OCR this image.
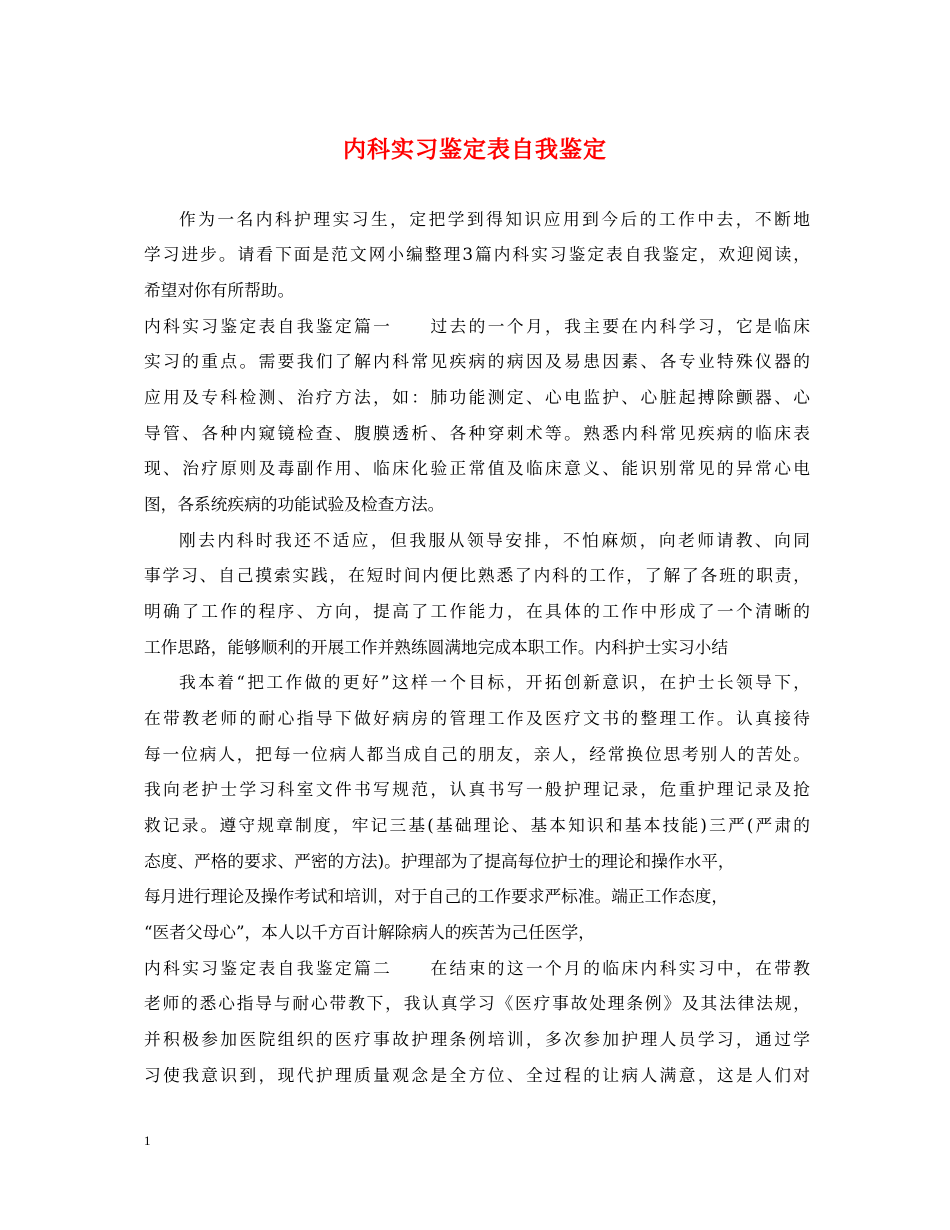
内科实习鉴定表自我鉴定
作为一名内科护理实习生，定把学到得知识应用到今后的工作中去，不断地
学习进步。请看下面是范文网小编整理3篇内科实习鉴定表自我鉴定，欢迎阅读，
希望对你有所帮助。
内科实习鉴定表自我鉴定篇一　　过去的一个月，我主要在内科学习，它是临床
实习的重点。需要我们了解内科常见疾病的病因及易患因素、各专业特殊仪器的
应用及专科检测、治疗方法，如：肺功能测定、心电监护、心脏起搏除颤器、心
导管、各种内窥镜检查、腹膜透析、各种穿刺术等。熟悉内科常见疾病的临床表
现、治疗原则及毒副作用、临床化验正常值及临床意义、能识别常见的异常心电
图，各系统疾病的功能试验及检查方法。
刚去内科时我还不适应，但我服从领导安排，不怕麻烦，向老师请教、向同
事学习、自己摸索实践，在短时间内便比熟悉了内科的工作，了解了各班的职责，
明确了工作的程序、方向，提高了工作能力，在具体的工作中形成了一个清晰的
工作思路，能够顺利的开展工作并熟练圆满地完成本职工作。内科护士实习小结
我本着“把工作做的更好”这样一个目标，开拓创新意识，在护士长领导下，
在带教老师的耐心指导下做好病房的管理工作及医疗文书的整理工作。认真接待
每一位病人，把每一位病人都当成自己的朋友，亲人，经常换位思考别人的苦处。
我向老护士学习科室文件书写规范，认真书写一般护理记录，危重护理记录及抢
救记录。遵守规章制度，牢记三基(基础理论、基本知识和基本技能)三严(严肃的
态度、严格的要求、严密的方法)。护理部为了提高每位护士的理论和操作水平，
每月进行理论及操作考试和培训，对于自己的工作要求严标准。端正工作态度，
“医者父母心”，本人以千方百计解除病人的疾苦为己任医学，
内科实习鉴定表自我鉴定篇二　　在结束的这一个月的临床内科实习中，在带教
老师的悉心指导与耐心带教下，我认真学习《医疗事故处理条例》及其法律法规，
并积极参加医院组织的医疗事故护理条例培训，多次参加护理人员学习，通过学
习使我意识到，现代护理质量观念是全方位、全过程的让病人满意，这是人们对
1
